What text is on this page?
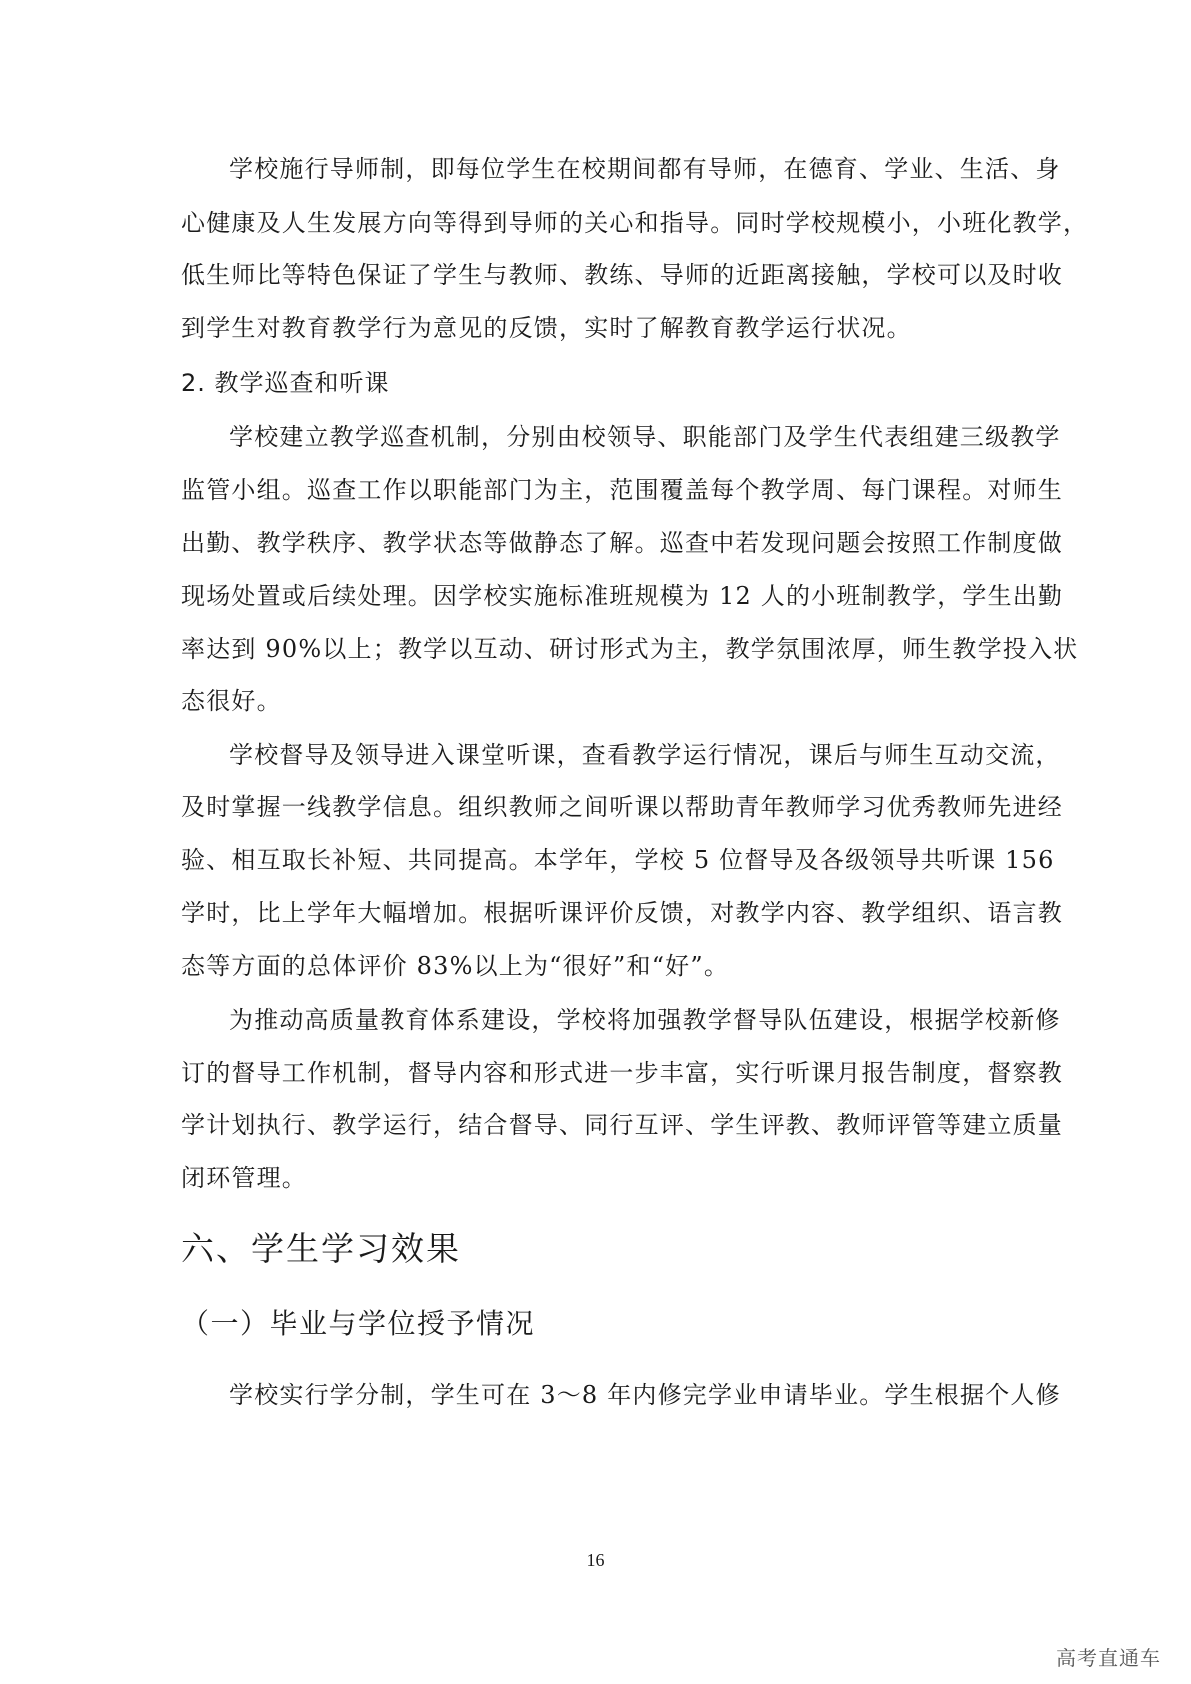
学校施行导师制，即每位学生在校期间都有导师，在德育、学业、生活、身
心健康及人生发展方向等得到导师的关心和指导。同时学校规模小，小班化教学，
低生师比等特色保证了学生与教师、教练、导师的近距离接触，学校可以及时收
到学生对教育教学行为意见的反馈，实时了解教育教学运行状况。
2. 教学巡查和听课
学校建立教学巡查机制，分别由校领导、职能部门及学生代表组建三级教学
监管小组。巡查工作以职能部门为主，范围覆盖每个教学周、每门课程。对师生
出勤、教学秩序、教学状态等做静态了解。巡查中若发现问题会按照工作制度做
现场处置或后续处理。因学校实施标准班规模为 12 人的小班制教学，学生出勤
率达到 90%以上；教学以互动、研讨形式为主，教学氛围浓厚，师生教学投入状
态很好。
学校督导及领导进入课堂听课，查看教学运行情况，课后与师生互动交流，
及时掌握一线教学信息。组织教师之间听课以帮助青年教师学习优秀教师先进经
验、相互取长补短、共同提高。本学年，学校 5 位督导及各级领导共听课 156
学时，比上学年大幅增加。根据听课评价反馈，对教学内容、教学组织、语言教
态等方面的总体评价 83%以上为“很好”和“好”。
为推动高质量教育体系建设，学校将加强教学督导队伍建设，根据学校新修
订的督导工作机制，督导内容和形式进一步丰富，实行听课月报告制度，督察教
学计划执行、教学运行，结合督导、同行互评、学生评教、教师评管等建立质量
闭环管理。
六、学生学习效果
（一）毕业与学位授予情况
学校实行学分制，学生可在 3～8 年内修完学业申请毕业。学生根据个人修
16
高考直通车
